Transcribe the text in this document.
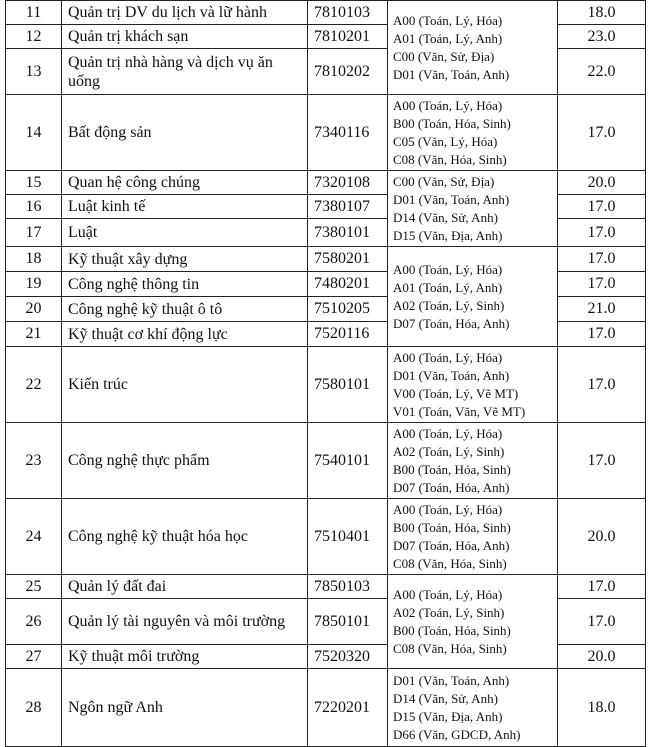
11	Quản trị DV du lịch và lữ hành	7810103	A00 (Toán, Lý, Hóa)
A01 (Toán, Lý, Anh)
C00 (Văn, Sử, Địa)
D01 (Văn, Toán, Anh)	18.0
12	Quản trị khách sạn	7810201		23.0
13	Quản trị nhà hàng và dịch vụ ăn uống	7810202		22.0
14	Bất động sản	7340116	A00 (Toán, Lý, Hóa)
B00 (Toán, Hóa, Sinh)
C05 (Văn, Lý, Hóa)
C08 (Văn, Hóa, Sinh)	17.0
15	Quan hệ công chúng	7320108	C00 (Văn, Sử, Địa)
D01 (Văn, Toán, Anh)
D14 (Văn, Sử, Anh)
D15 (Văn, Địa, Anh)	20.0
16	Luật kinh tế	7380107		17.0
17	Luật	7380101		17.0
18	Kỹ thuật xây dựng	7580201	A00 (Toán, Lý, Hóa)
A01 (Toán, Lý, Anh)
A02 (Toán, Lý, Sinh)
D07 (Toán, Hóa, Anh)	17.0
19	Công nghệ thông tin	7480201		17.0
20	Công nghệ kỹ thuật ô tô	7510205		21.0
21	Kỹ thuật cơ khí động lực	7520116		17.0
22	Kiến trúc	7580101	A00 (Toán, Lý, Hóa)
D01 (Văn, Toán, Anh)
V00 (Toán, Lý, Vẽ MT)
V01 (Toán, Văn, Vẽ MT)	17.0
23	Công nghệ thực phẩm	7540101	A00 (Toán, Lý, Hóa)
A02 (Toán, Lý, Sinh)
B00 (Toán, Hóa, Sinh)
D07 (Toán, Hóa, Anh)	17.0
24	Công nghệ kỹ thuật hóa học	7510401	A00 (Toán, Lý, Hóa)
B00 (Toán, Hóa, Sinh)
D07 (Toán, Hóa, Anh)
C08 (Văn, Hóa, Sinh)	20.0
25	Quản lý đất đai	7850103	A00 (Toán, Lý, Hóa)
A02 (Toán, Lý, Sinh)
B00 (Toán, Hóa, Sinh)
C08 (Văn, Hóa, Sinh)	17.0
26	Quản lý tài nguyên và môi trường	7850101		17.0
27	Kỹ thuật môi trường	7520320		20.0
28	Ngôn ngữ Anh	7220201	D01 (Văn, Toán, Anh)
D14 (Văn, Sử, Anh)
D15 (Văn, Địa, Anh)
D66 (Văn, GDCD, Anh)	18.0
